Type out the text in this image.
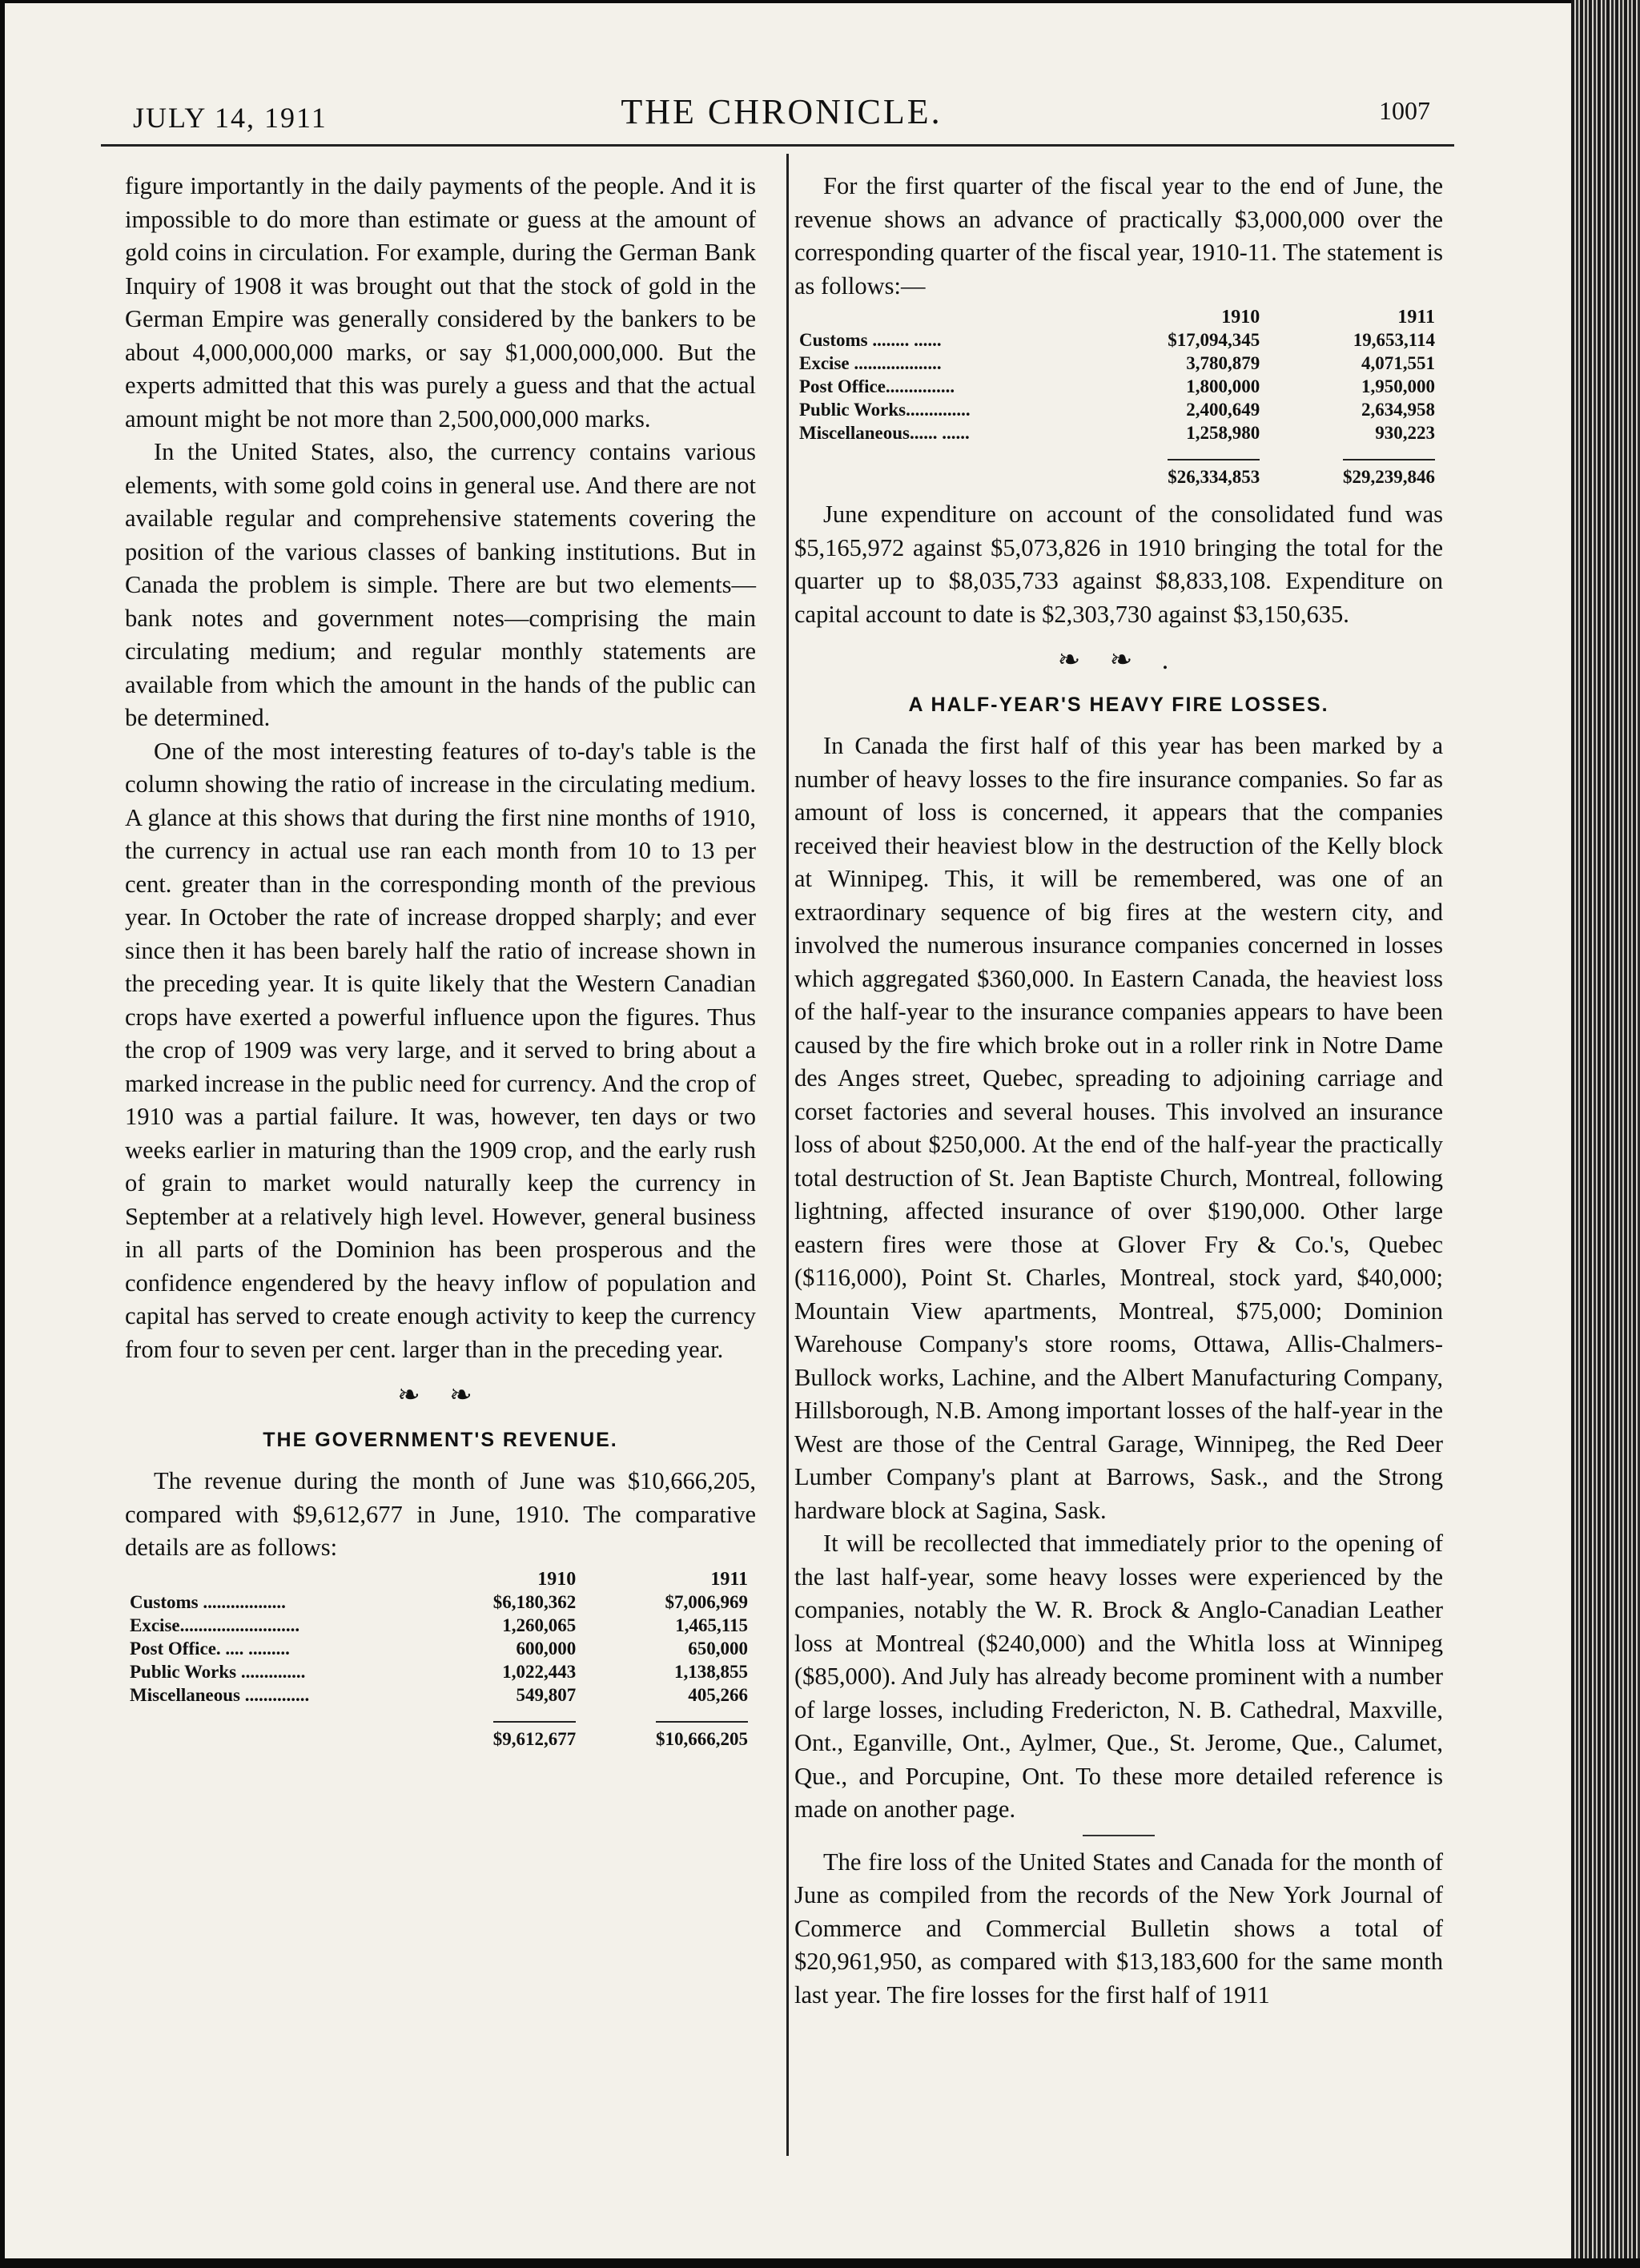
JULY 14, 1911	THE CHRONICLE.	1007

figure importantly in the daily payments of the people. And it is impossible to do more than estimate or guess at the amount of gold coins in circulation. For example, during the German Bank Inquiry of 1908 it was brought out that the stock of gold in the German Empire was generally considered by the bankers to be about 4,000,000,000 marks, or say $1,000,000,000. But the experts admitted that this was purely a guess and that the actual amount might be not more than 2,500,000,000 marks.

In the United States, also, the currency contains various elements, with some gold coins in general use. And there are not available regular and comprehensive statements covering the position of the various classes of banking institutions. But in Canada the problem is simple. There are but two elements—bank notes and government notes—comprising the main circulating medium; and regular monthly statements are available from which the amount in the hands of the public can be determined.

One of the most interesting features of to-day's table is the column showing the ratio of increase in the circulating medium. A glance at this shows that during the first nine months of 1910, the currency in actual use ran each month from 10 to 13 per cent. greater than in the corresponding month of the previous year. In October the rate of increase dropped sharply; and ever since then it has been barely half the ratio of increase shown in the preceding year. It is quite likely that the Western Canadian crops have exerted a powerful influence upon the figures. Thus the crop of 1909 was very large, and it served to bring about a marked increase in the public need for currency. And the crop of 1910 was a partial failure. It was, however, ten days or two weeks earlier in maturing than the 1909 crop, and the early rush of grain to market would naturally keep the currency in September at a relatively high level. However, general business in all parts of the Dominion has been prosperous and the confidence engendered by the heavy inflow of population and capital has served to create enough activity to keep the currency from four to seven per cent. larger than in the preceding year.

❧ ❧
THE GOVERNMENT'S REVENUE.

The revenue during the month of June was $10,666,205, compared with $9,612,677 in June, 1910. The comparative details are as follows:

	1910	1911
Customs ..................	$6,180,362	$7,006,969
Excise..........................	1,260,065	1,465,115
Post Office. .... .........	600,000	650,000
Public Works ..............	1,022,443	1,138,855
Miscellaneous ..............	549,807	405,266
	$9,612,677	$10,666,205

For the first quarter of the fiscal year to the end of June, the revenue shows an advance of practically $3,000,000 over the corresponding quarter of the fiscal year, 1910-11. The statement is as follows:—

	1910	1911
Customs ........ ......	$17,094,345	19,653,114
Excise ...................	3,780,879	4,071,551
Post Office...............	1,800,000	1,950,000
Public Works..............	2,400,649	2,634,958
Miscellaneous...... ......	1,258,980	930,223
	$26,334,853	$29,239,846

June expenditure on account of the consolidated fund was $5,165,972 against $5,073,826 in 1910 bringing the total for the quarter up to $8,035,733 against $8,833,108. Expenditure on capital account to date is $2,303,730 against $3,150,635.

❧ ❧ .
A HALF-YEAR'S HEAVY FIRE LOSSES.

In Canada the first half of this year has been marked by a number of heavy losses to the fire insurance companies. So far as amount of loss is concerned, it appears that the companies received their heaviest blow in the destruction of the Kelly block at Winnipeg. This, it will be remembered, was one of an extraordinary sequence of big fires at the western city, and involved the numerous insurance companies concerned in losses which aggregated $360,000. In Eastern Canada, the heaviest loss of the half-year to the insurance companies appears to have been caused by the fire which broke out in a roller rink in Notre Dame des Anges street, Quebec, spreading to adjoining carriage and corset factories and several houses. This involved an insurance loss of about $250,000. At the end of the half-year the practically total destruction of St. Jean Baptiste Church, Montreal, following lightning, affected insurance of over $190,000. Other large eastern fires were those at Glover Fry & Co.'s, Quebec ($116,000), Point St. Charles, Montreal, stock yard, $40,000; Mountain View apartments, Montreal, $75,000; Dominion Warehouse Company's store rooms, Ottawa, Allis-Chalmers-Bullock works, Lachine, and the Albert Manufacturing Company, Hillsborough, N.B. Among important losses of the half-year in the West are those of the Central Garage, Winnipeg, the Red Deer Lumber Company's plant at Barrows, Sask., and the Strong hardware block at Sagina, Sask.

It will be recollected that immediately prior to the opening of the last half-year, some heavy losses were experienced by the companies, notably the W. R. Brock & Anglo-Canadian Leather loss at Montreal ($240,000) and the Whitla loss at Winnipeg ($85,000). And July has already become prominent with a number of large losses, including Fredericton, N. B. Cathedral, Maxville, Ont., Eganville, Ont., Aylmer, Que., St. Jerome, Que., Calumet, Que., and Porcupine, Ont. To these more detailed reference is made on another page.

The fire loss of the United States and Canada for the month of June as compiled from the records of the New York Journal of Commerce and Commercial Bulletin shows a total of $20,961,950, as compared with $13,183,600 for the same month last year. The fire losses for the first half of 1911
